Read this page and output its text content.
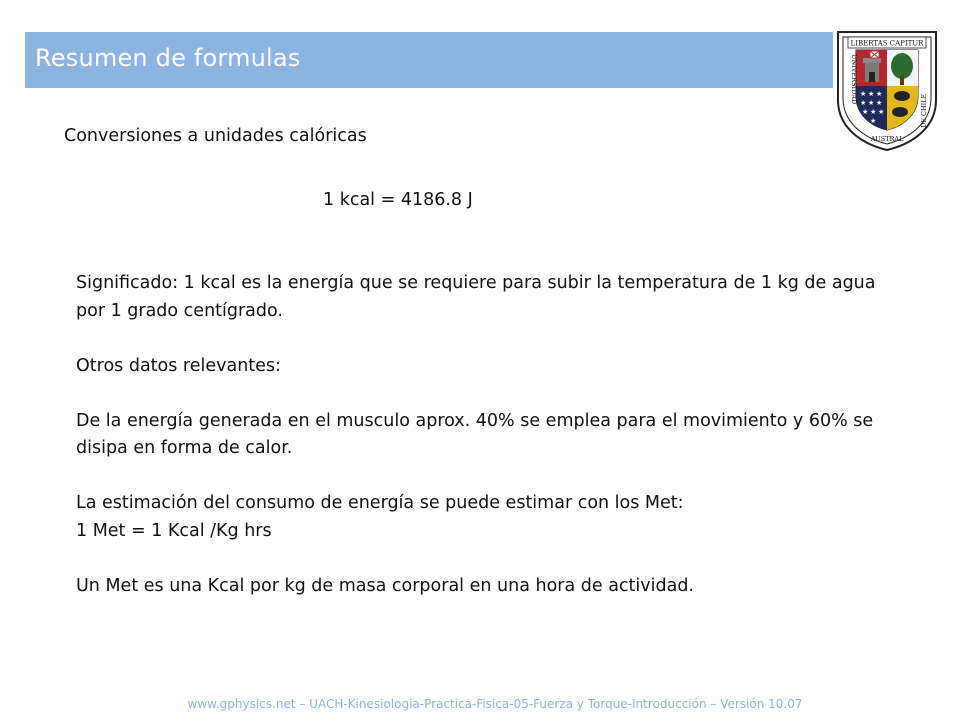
Resumen de formulas
★ ★ ★
★ ★ ★
★ ★ ★
★
LIBERTAS CAPITUR
UNIVERSIDAD
AUSTRAL
DE CHILE
Conversiones a unidades calóricas
1 kcal = 4186.8 J

Significado: 1 kcal es la energía que se requiere para subir la temperatura de 1 kg de agua por 1 grado centígrado.

Otros datos relevantes:

De la energía generada en el musculo aprox. 40% se emplea para el movimiento y 60% se disipa en forma de calor.

La estimación del consumo de energía se puede estimar con los Met:

1 Met = 1 Kcal /Kg hrs

Un Met es una Kcal por kg de masa corporal en una hora de actividad.

www.gphysics.net – UACH-Kinesiologia-Practica-Fisica-05-Fuerza y Torque-Introducción – Versión 10.07
